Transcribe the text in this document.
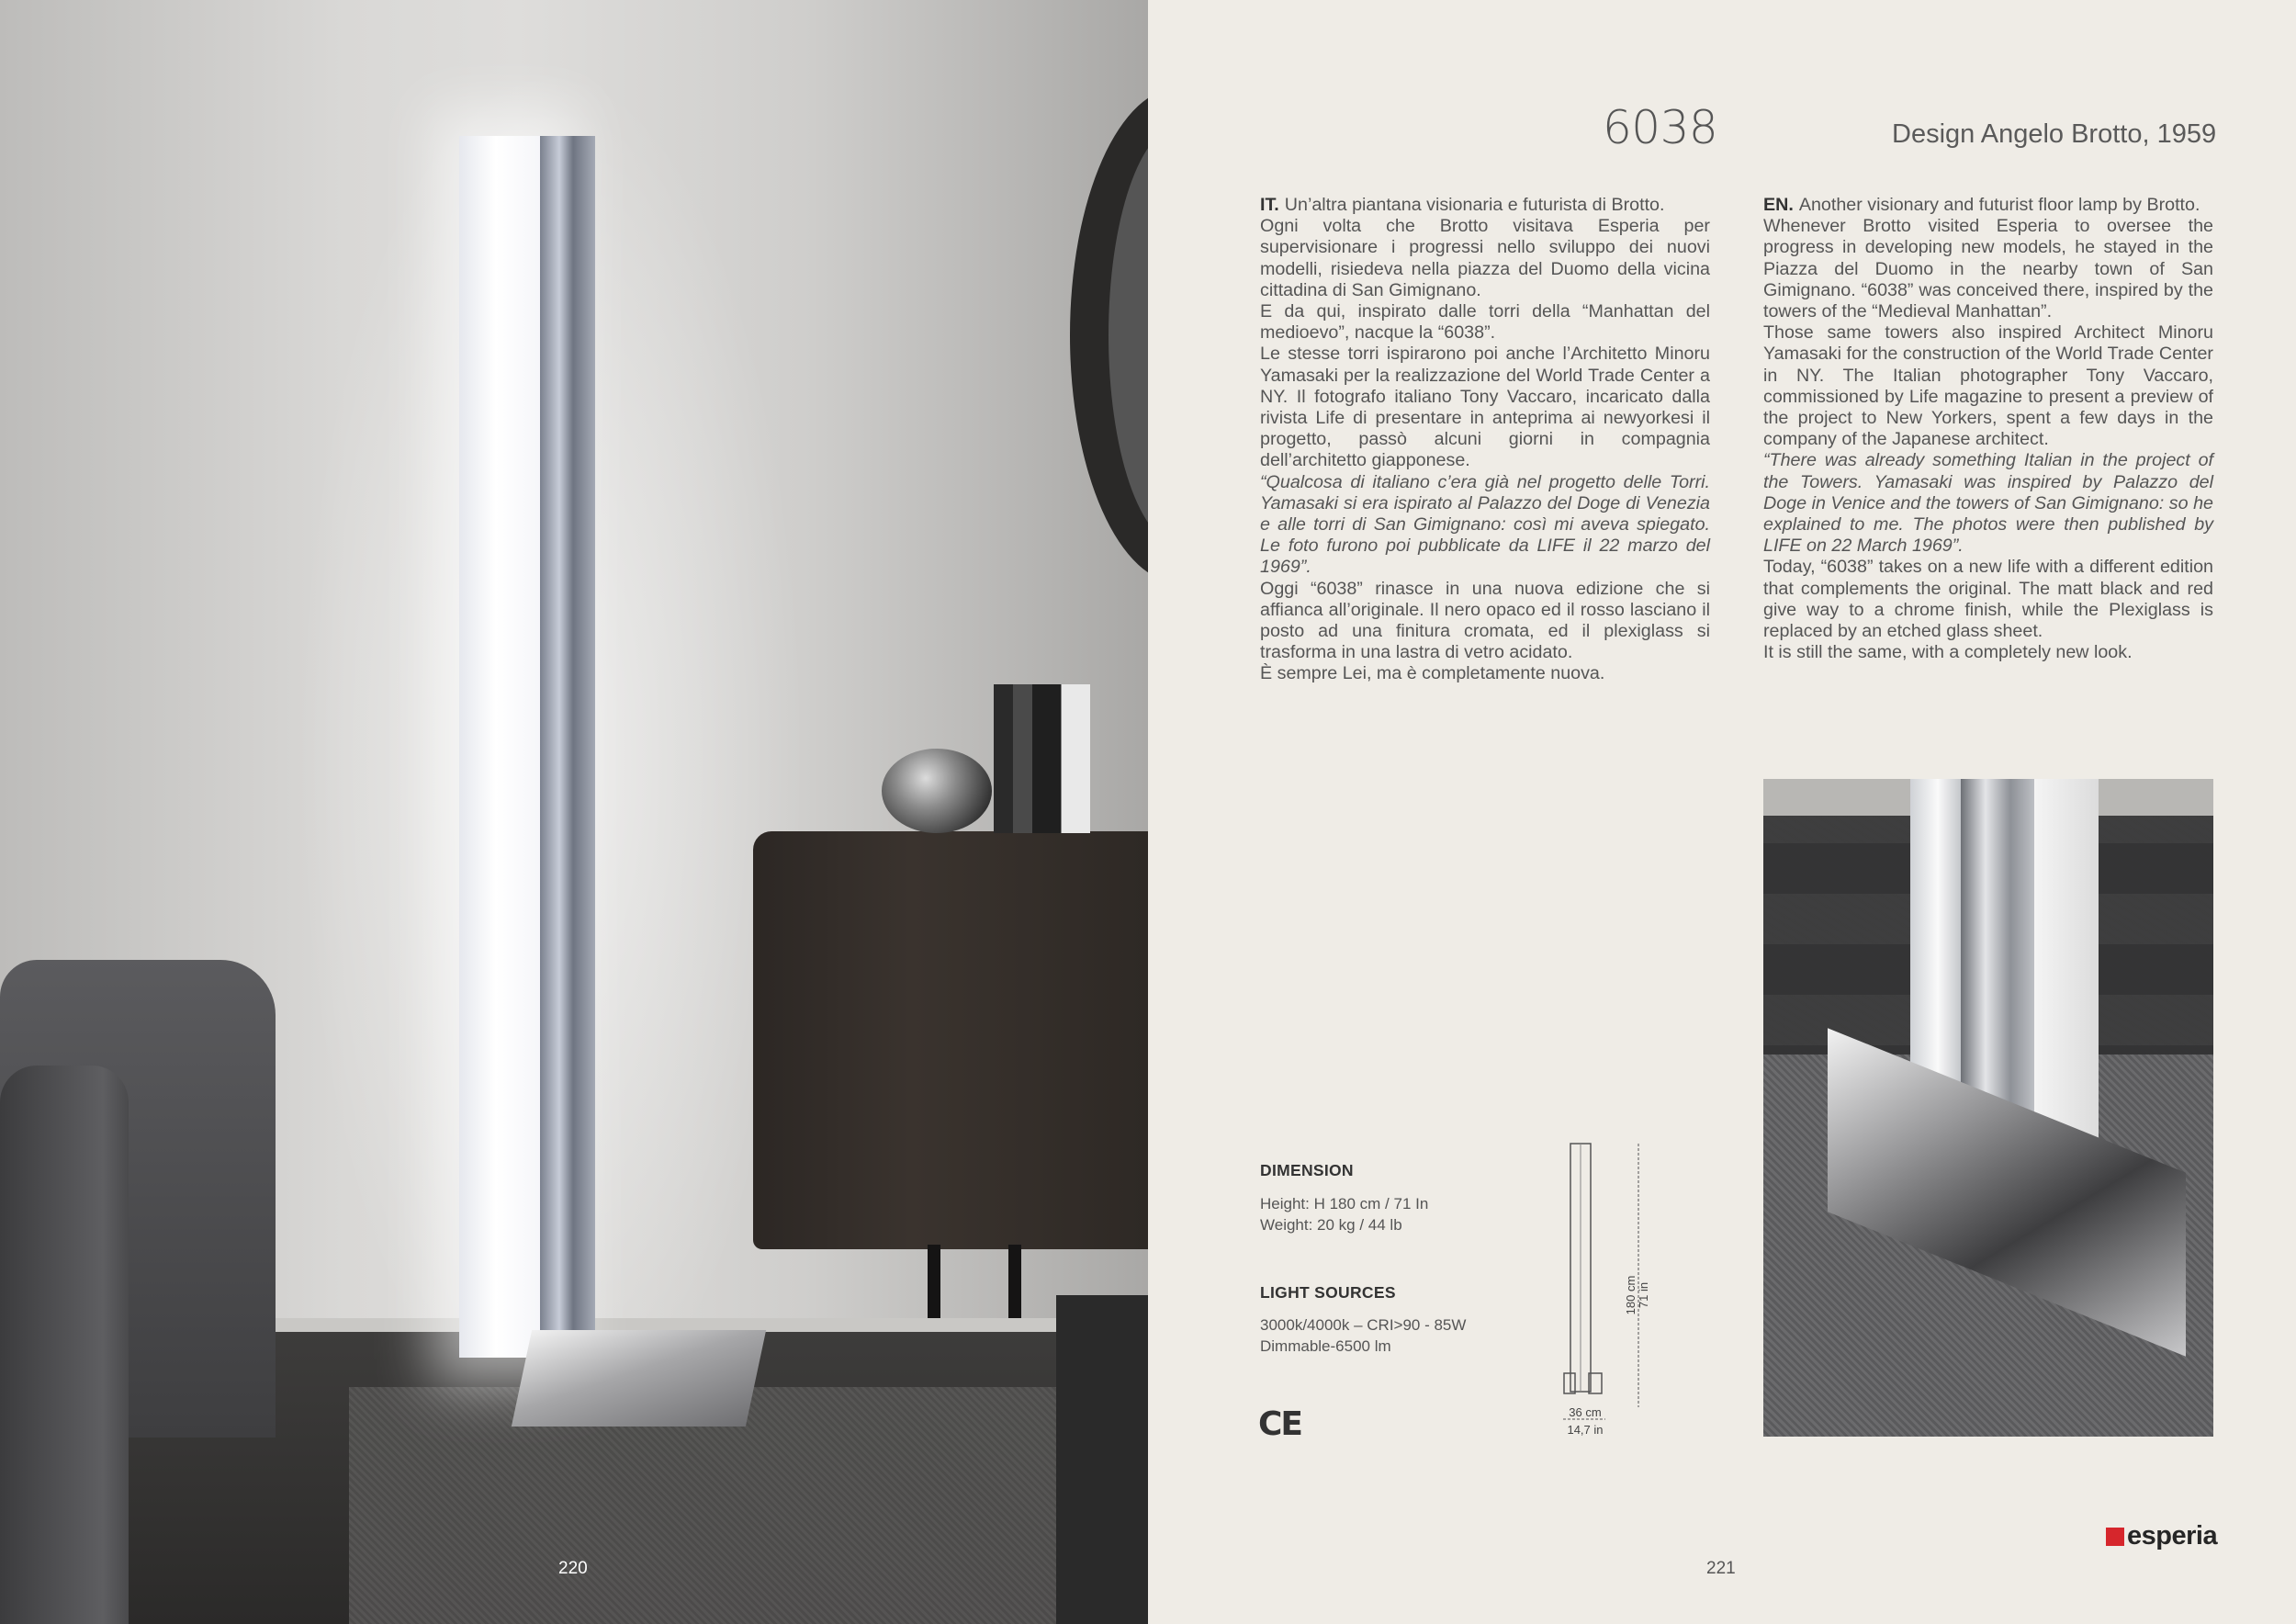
220
6038	Design Angelo Brotto, 1959

IT. Un’altra piantana visionaria e futurista di Brotto.

Ogni volta che Brotto visitava Esperia per supervisionare i progressi nello sviluppo dei nuovi modelli, risiedeva nella piazza del Duomo della vicina cittadina di San Gimignano.

E da qui, inspirato dalle torri della “Manhattan del medioevo”, nacque la “6038”.

Le stesse torri ispirarono poi anche l’Architetto Minoru Yamasaki per la realizzazione del World Trade Center a NY. Il fotografo italiano Tony Vaccaro, incaricato dalla rivista Life di presentare in anteprima ai newyorkesi il progetto, passò alcuni giorni in compagnia dell’architetto giapponese.

“Qualcosa di italiano c’era già nel progetto delle Torri. Yamasaki si era ispirato al Palazzo del Doge di Venezia e alle torri di San Gimignano: così mi aveva spiegato. Le foto furono poi pubblicate da LIFE il 22 marzo del 1969”.

Oggi “6038” rinasce in una nuova edizione che si affianca all’originale. Il nero opaco ed il rosso lasciano il posto ad una finitura cromata, ed il plexiglass si trasforma in una lastra di vetro acidato.

È sempre Lei, ma è completamente nuova.

EN. Another visionary and futurist floor lamp by Brotto.

Whenever Brotto visited Esperia to oversee the progress in developing new models, he stayed in the Piazza del Duomo in the nearby town of San Gimignano. “6038” was conceived there, inspired by the towers of the “Medieval Manhattan”.

Those same towers also inspired Architect Minoru Yamasaki for the construction of the World Trade Center in NY. The Italian photographer Tony Vaccaro, commissioned by Life magazine to present a preview of the project to New Yorkers, spent a few days in the company of the Japanese architect.

“There was already something Italian in the project of the Towers. Yamasaki was inspired by Palazzo del Doge in Venice and the towers of San Gimignano: so he explained to me. The photos were then published by LIFE on 22 March 1969”.

Today, “6038” takes on a new life with a different edition that complements the original. The matt black and red give way to a chrome finish, while the Plexiglass is replaced by an etched glass sheet.

It is still the same, with a completely new look.

DIMENSION
Height: H 180 cm / 71 In
Weight: 20 kg / 44 lb
LIGHT SOURCES
3000k/4000k – CRI>90 - 85W
Dimmable-6500 lm
CE
180 cm 71 in
36 cm
14,7 in
esperia
221
